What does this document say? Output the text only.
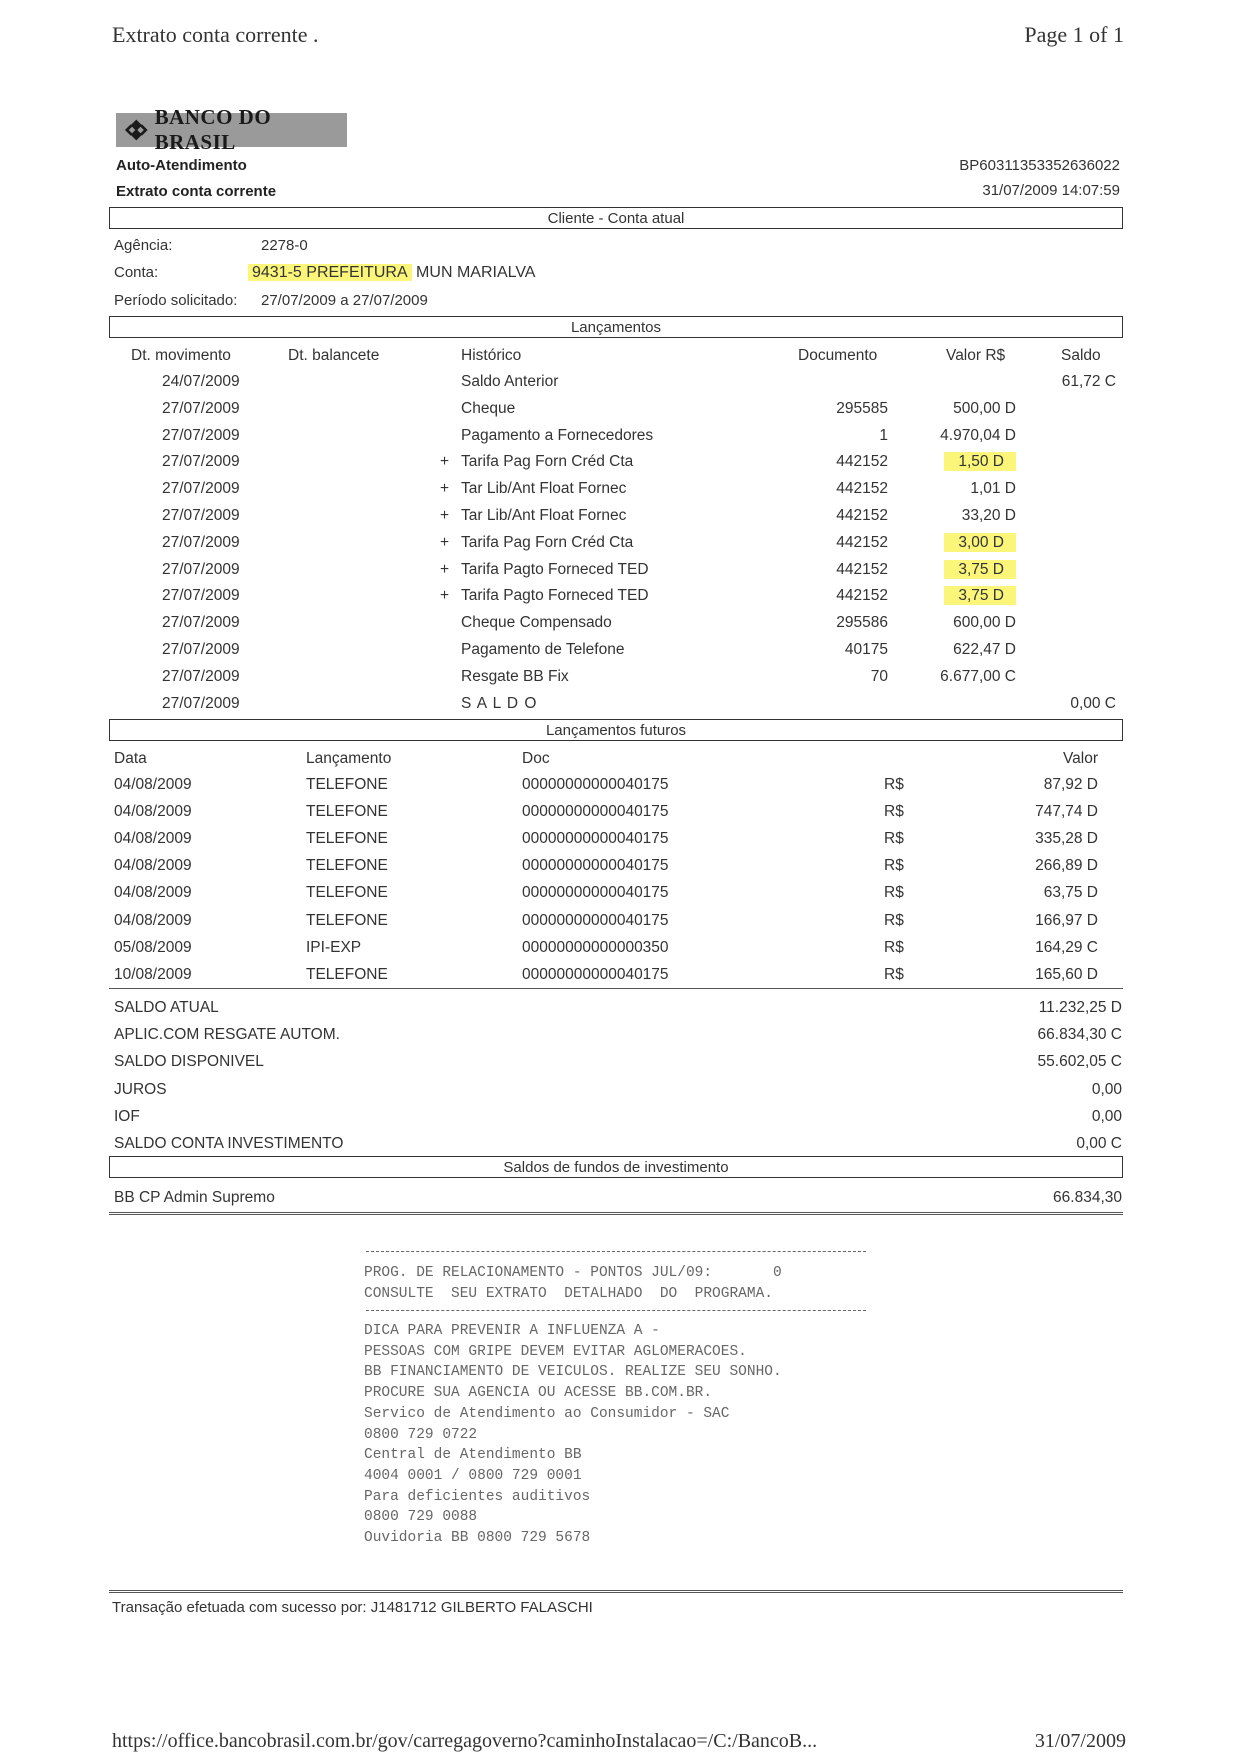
Extrato conta corrente .	Page 1 of 1
BANCO DO BRASIL
Auto-Atendimento
Extrato conta corrente
BP60311353352636022
31/07/2009 14:07:59
Cliente - Conta atual
Agência:	2278-0
Conta:	9431-5 PREFEITURA MUN MARIALVA
Período solicitado: 27/07/2009 a 27/07/2009
Lançamentos
Dt. movimento	Dt. balancete	Histórico	Documento	Valor R$	Saldo
24/07/2009	Saldo Anterior	61,72 C
27/07/2009	Cheque	295585	500,00 D
27/07/2009	Pagamento a Fornecedores	1	4.970,04 D
27/07/2009	+ Tarifa Pag Forn Créd Cta	442152	1,50 D
27/07/2009	+ Tar Lib/Ant Float Fornec	442152	1,01 D
27/07/2009	+ Tar Lib/Ant Float Fornec	442152	33,20 D
27/07/2009	+ Tarifa Pag Forn Créd Cta	442152	3,00 D
27/07/2009	+ Tarifa Pagto Forneced TED	442152	3,75 D
27/07/2009	+ Tarifa Pagto Forneced TED	442152	3,75 D
27/07/2009	Cheque Compensado	295586	600,00 D
27/07/2009	Pagamento de Telefone	40175	622,47 D
27/07/2009	Resgate BB Fix	70	6.677,00 C
27/07/2009	S A L D O	0,00 C
Lançamentos futuros
Data	Lançamento	Doc	Valor
04/08/2009	TELEFONE	00000000000040175	R$	87,92 D
04/08/2009	TELEFONE	00000000000040175	R$	747,74 D
04/08/2009	TELEFONE	00000000000040175	R$	335,28 D
04/08/2009	TELEFONE	00000000000040175	R$	266,89 D
04/08/2009	TELEFONE	00000000000040175	R$	63,75 D
04/08/2009	TELEFONE	00000000000040175	R$	166,97 D
05/08/2009	IPI-EXP	00000000000000350	R$	164,29 C
10/08/2009	TELEFONE	00000000000040175	R$	165,60 D
SALDO ATUAL	11.232,25 D
APLIC.COM RESGATE AUTOM.	66.834,30 C
SALDO DISPONIVEL	55.602,05 C
JUROS	0,00
IOF	0,00
SALDO CONTA INVESTIMENTO	0,00 C
Saldos de fundos de investimento
BB CP Admin Supremo	66.834,30
PROG. DE RELACIONAMENTO - PONTOS JUL/09:       0
CONSULTE  SEU EXTRATO  DETALHADO  DO  PROGRAMA.
DICA PARA PREVENIR A INFLUENZA A -
PESSOAS COM GRIPE DEVEM EVITAR AGLOMERACOES.
BB FINANCIAMENTO DE VEICULOS. REALIZE SEU SONHO.
PROCURE SUA AGENCIA OU ACESSE BB.COM.BR.
Servico de Atendimento ao Consumidor - SAC
0800 729 0722
Central de Atendimento BB
4004 0001 / 0800 729 0001
Para deficientes auditivos
0800 729 0088
Ouvidoria BB 0800 729 5678
Transação efetuada com sucesso por: J1481712 GILBERTO FALASCHI
https://office.bancobrasil.com.br/gov/carregagoverno?caminhoInstalacao=/C:/BancoB...	31/07/2009
